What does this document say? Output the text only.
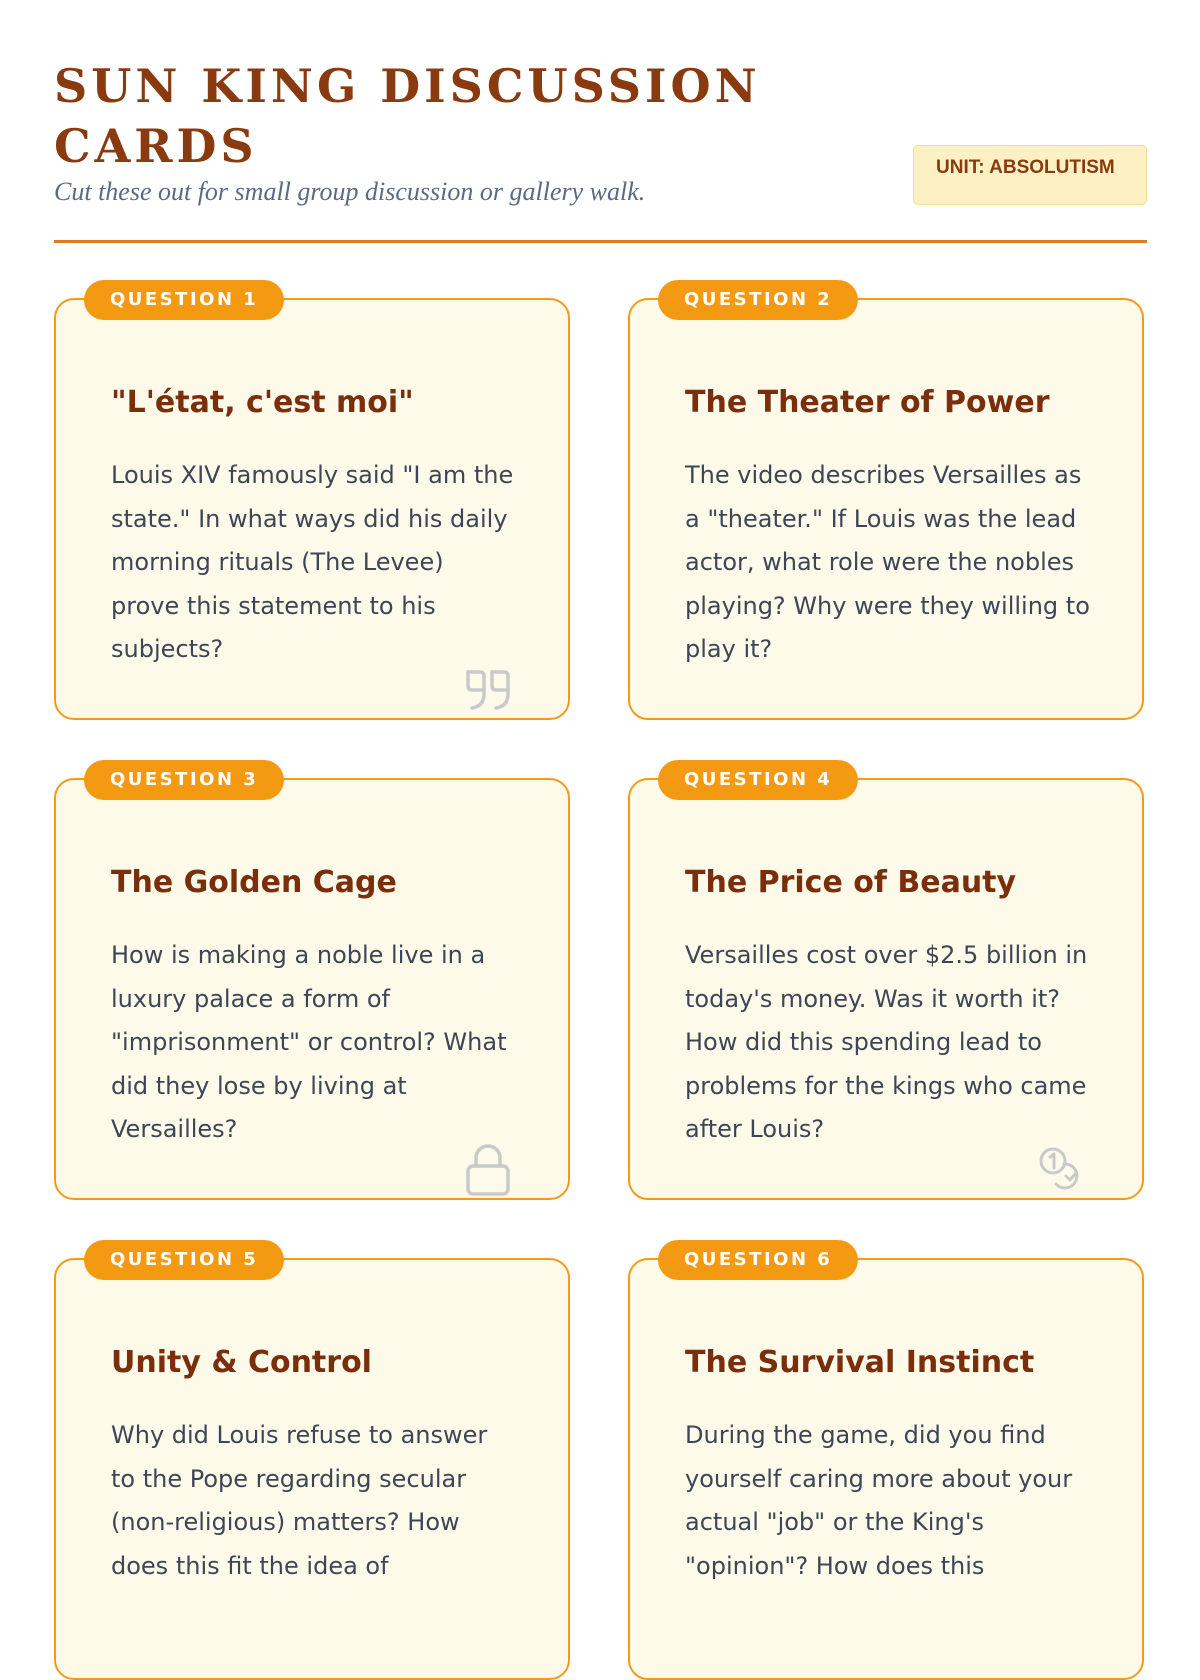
SUN KING DISCUSSION CARDS

Cut these out for small group discussion or gallery walk.

UNIT: ABSOLUTISM
QUESTION 1
"L'état, c'est moi"

Louis XIV famously said "I am the state." In what ways did his daily morning rituals (The Levee) prove this statement to his subjects?

QUESTION 2
The Theater of Power

The video describes Versailles as a "theater." If Louis was the lead actor, what role were the nobles playing? Why were they willing to play it?

QUESTION 3
The Golden Cage

How is making a noble live in a luxury palace a form of "imprisonment" or control? What did they lose by living at Versailles?

QUESTION 4
The Price of Beauty

Versailles cost over $2.5 billion in today's money. Was it worth it? How did this spending lead to problems for the kings who came after Louis?

QUESTION 5
Unity & Control

Why did Louis refuse to answer to the Pope regarding secular (non-religious) matters? How does this fit the idea of

QUESTION 6
The Survival Instinct

During the game, did you find yourself caring more about your actual "job" or the King's "opinion"? How does this
